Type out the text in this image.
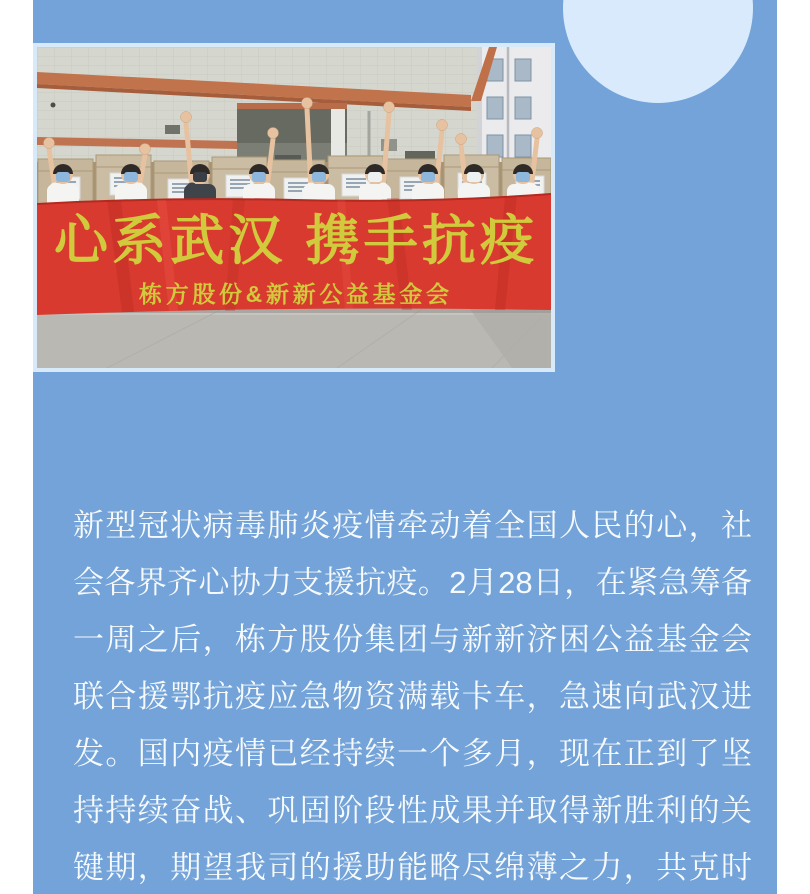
心系武汉 携手抗疫
栋方股份&新新公益基金会
新型冠状病毒肺炎疫情牵动着全国人民的心，社
会各界齐心协力支援抗疫。2月28日，在紧急筹备
一周之后，栋方股份集团与新新济困公益基金会
联合援鄂抗疫应急物资满载卡车，急速向武汉进
发。国内疫情已经持续一个多月，现在正到了坚
持持续奋战、巩固阶段性成果并取得新胜利的关
键期，期望我司的援助能略尽绵薄之力，共克时
